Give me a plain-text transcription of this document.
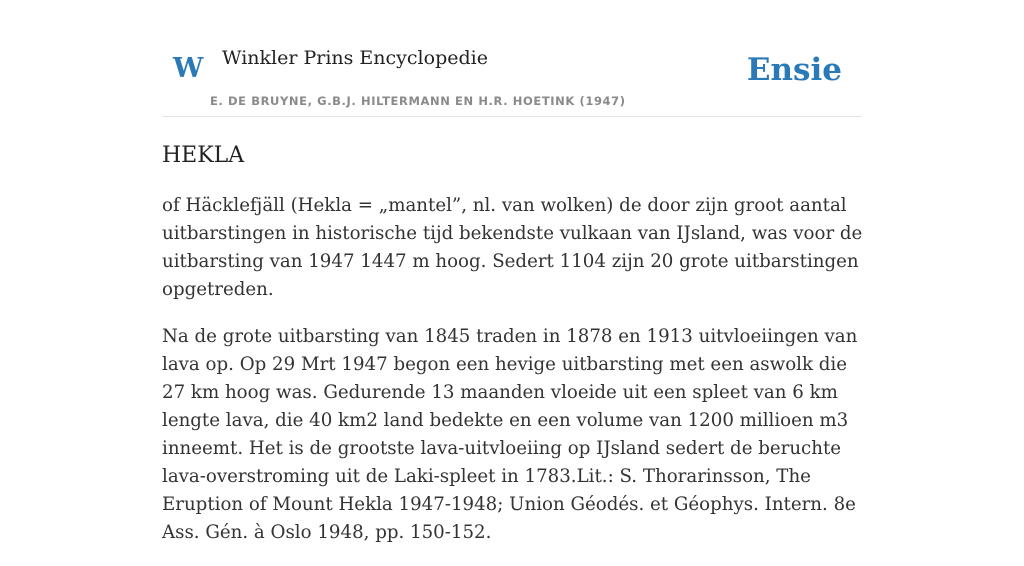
W Winkler Prins Encyclopedie
E. DE BRUYNE, G.B.J. HILTERMANN EN H.R. HOETINK (1947)
Ensie
HEKLA

of Häcklefjäll (Hekla = „mantel”, nl. van wolken) de door zijn groot aantal uitbarstingen in historische tijd bekendste vulkaan van IJsland, was voor de uitbarsting van 1947 1447 m hoog. Sedert 1104 zijn 20 grote uitbarstingen opgetreden.

Na de grote uitbarsting van 1845 traden in 1878 en 1913 uitvloeiingen van lava op. Op 29 Mrt 1947 begon een hevige uitbarsting met een aswolk die 27 km hoog was. Gedurende 13 maanden vloeide uit een spleet van 6 km lengte lava, die 40 km2 land bedekte en een volume van 1200 millioen m3 inneemt. Het is de grootste lava-uitvloeiing op IJsland sedert de beruchte lava-overstroming uit de Laki-spleet in 1783.Lit.: S. Thorarinsson, The Eruption of Mount Hekla 1947-1948; Union Géodés. et Géophys. Intern. 8e Ass. Gén. à Oslo 1948, pp. 150-152.
